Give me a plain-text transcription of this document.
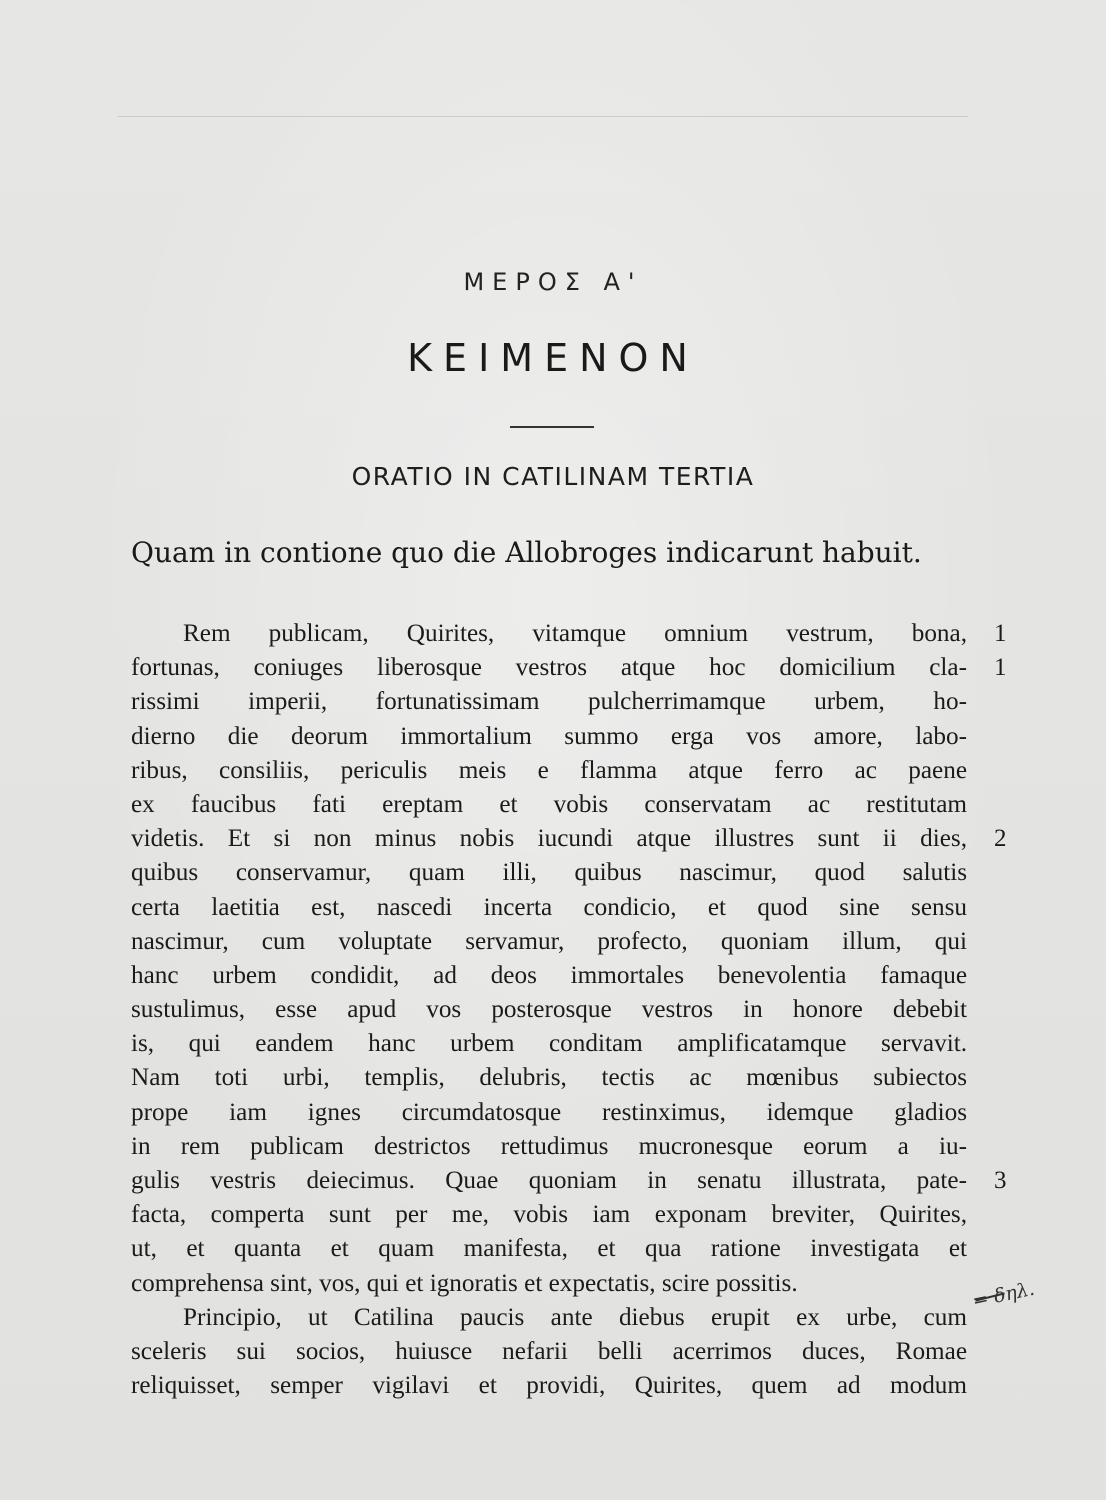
ΜΕΡΟΣ Α'
ΚΕΙΜΕΝΟΝ
ORATIO IN CATILINAM TERTIA
Quam in contione quo die Allobroges indicarunt habuit.
Rem publicam, Quirites, vitamque omnium vestrum, bona,
fortunas, coniuges liberosque vestros atque hoc domicilium cla-
rissimi imperii, fortunatissimam pulcherrimamque urbem, ho-
dierno die deorum immortalium summo erga vos amore, labo-
ribus, consiliis, periculis meis e flamma atque ferro ac paene
ex faucibus fati ereptam et vobis conservatam ac restitutam
videtis. Et si non minus nobis iucundi atque illustres sunt ii dies,
quibus conservamur, quam illi, quibus nascimur, quod salutis
certa laetitia est, nascedi incerta condicio, et quod sine sensu
nascimur, cum voluptate servamur, profecto, quoniam illum, qui
hanc urbem condidit, ad deos immortales benevolentia famaque
sustulimus, esse apud vos posterosque vestros in honore debebit
is, qui eandem hanc urbem conditam amplificatamque servavit.
Nam toti urbi, templis, delubris, tectis ac mœnibus subiectos
prope iam ignes circumdatosque restinximus, idemque gladios
in rem publicam destrictos rettudimus mucronesque eorum a iu-
gulis vestris deiecimus. Quae quoniam in senatu illustrata, pate-
facta, comperta sunt per me, vobis iam exponam breviter, Quirites,
ut, et quanta et quam manifesta, et qua ratione investigata et
comprehensa sint, vos, qui et ignoratis et expectatis, scire possitis.
Principio, ut Catilina paucis ante diebus erupit ex urbe, cum
sceleris sui socios, huiusce nefarii belli acerrimos duces, Romae
reliquisset, semper vigilavi et providi, Quirites, quem ad modum
1
1
2
3
= δηλ.
